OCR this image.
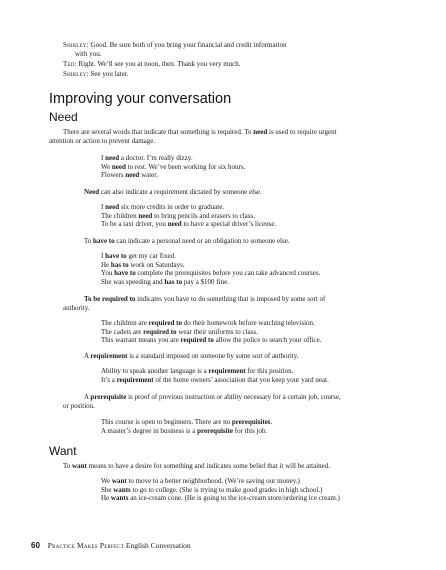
Shirley: Good. Be sure both of you bring your financial and credit information
with you.
Ted: Right. We’ll see you at noon, then. Thank you very much.
Shirley: See you later.
Improving your conversation
Need
There are several words that indicate that something is required. To need is used to require urgent
attention or action to prevent damage.
I need a doctor. I’m really dizzy.
We need to rest. We’ve been working for six hours.
Flowers need water.
Need can also indicate a requirement dictated by someone else.
I need six more credits in order to graduate.
The children need to bring pencils and erasers to class.
To be a taxi driver, you need to have a special driver’s license.
To have to can indicate a personal need or an obligation to someone else.
I have to get my car fixed.
He has to work on Saturdays.
You have to complete the prerequisites before you can take advanced courses.
She was speeding and has to pay a $100 fine.
To be required to indicates you have to do something that is imposed by some sort of
authority.
The children are required to do their homework before watching television.
The cadets are required to wear their uniforms to class.
This warrant means you are required to allow the police to search your office.
A requirement is a standard imposed on someone by some sort of authority.
Ability to speak another language is a requirement for this position.
It’s a requirement of the home owners’ association that you keep your yard neat.
A prerequisite is proof of previous instruction or ability necessary for a certain job, course,
or position.
This course is open to beginners. There are no prerequisites.
A master’s degree in business is a prerequisite for this job.
Want
To want means to have a desire for something and indicates some belief that it will be attained.
We want to move to a better neighborhood. (We’re saving our money.)
She wants to go to college. (She is trying to make good grades in high school.)
He wants an ice-cream cone. (He is going to the ice-cream store/ordering ice cream.)
60 Practice Makes Perfect English Conversation
